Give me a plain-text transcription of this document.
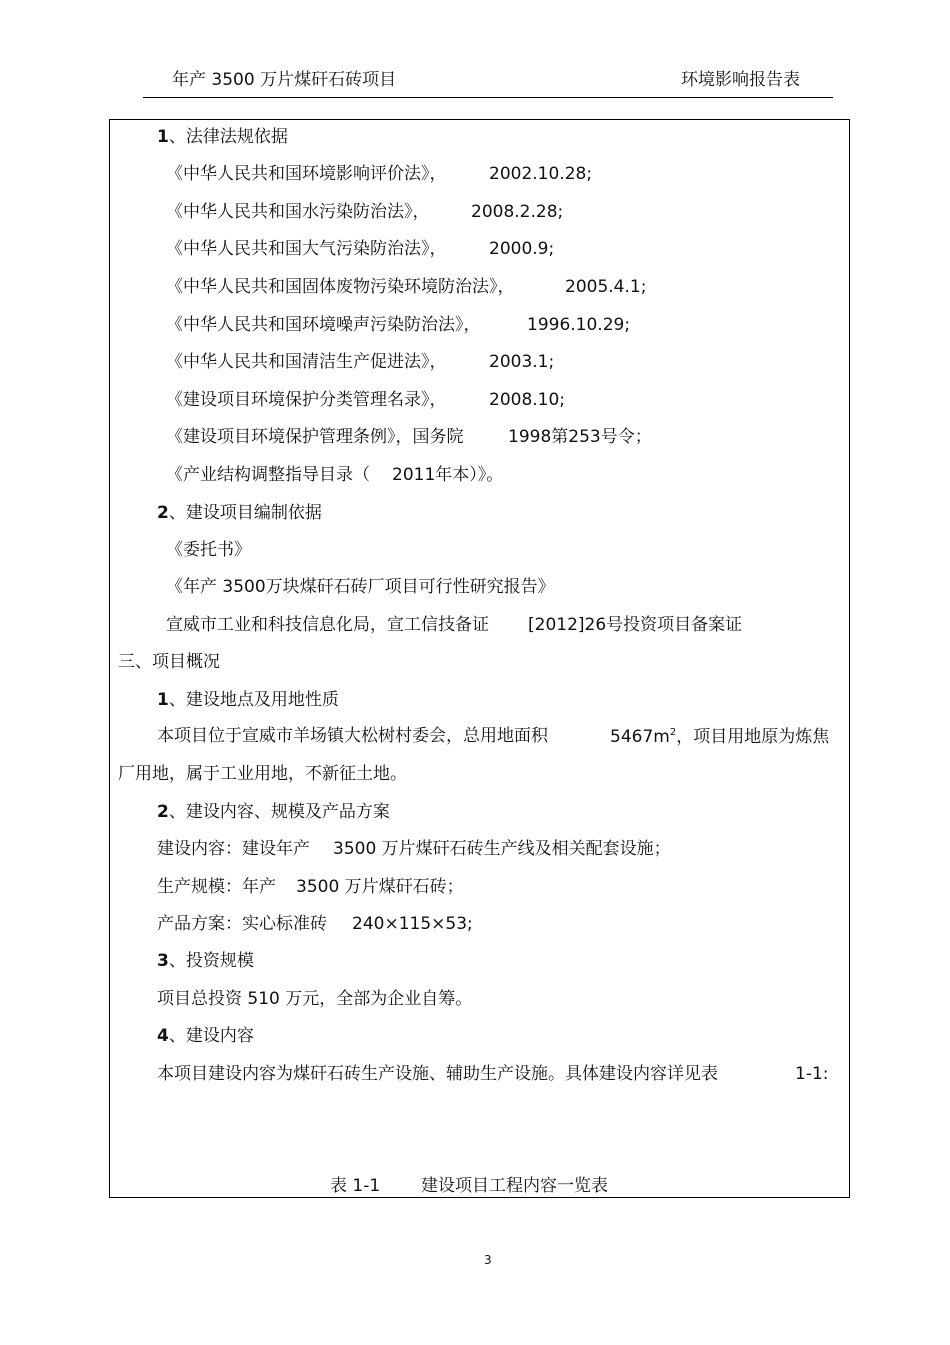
年产 3500 万片煤矸石砖项目	环境影响报告表
1、法律法规依据
《中华人民共和国环境影响评价法》，	2002.10.28;
《中华人民共和国水污染防治法》， 2008.2.28;
《中华人民共和国大气污染防治法》，	2000.9;
《中华人民共和国固体废物污染环境防治法》，	2005.4.1;
《中华人民共和国环境噪声污染防治法》，	1996.10.29;
《中华人民共和国清洁生产促进法》，	2003.1;
《建设项目环境保护分类管理名录》，	2008.10;
《建设项目环境保护管理条例》，国务院	1998第253号令；
《产业结构调整指导目录（ 2011年本）》。
2、建设项目编制依据
《委托书》
《年产 3500万块煤矸石砖厂项目可行性研究报告》
宣威市工业和科技信息化局，宣工信技备证 [2012]26号投资项目备案证
三、项目概况
1、建设地点及用地性质
本项目位于宣威市羊场镇大松树村委会，总用地面积	$5467m^2$，项目用地原为炼焦
厂用地，属于工业用地，不新征土地。
2、建设内容、规模及产品方案
建设内容：建设年产 3500 万片煤矸石砖生产线及相关配套设施；
生产规模：年产 3500 万片煤矸石砖；
产品方案：实心标准砖 240×115×53;
3、投资规模
项目总投资 510 万元，全部为企业自筹。
4、建设内容
本项目建设内容为煤矸石砖生产设施、辅助生产设施。具体建设内容详见表	1-1:
表 1-1 建设项目工程内容一览表
3
